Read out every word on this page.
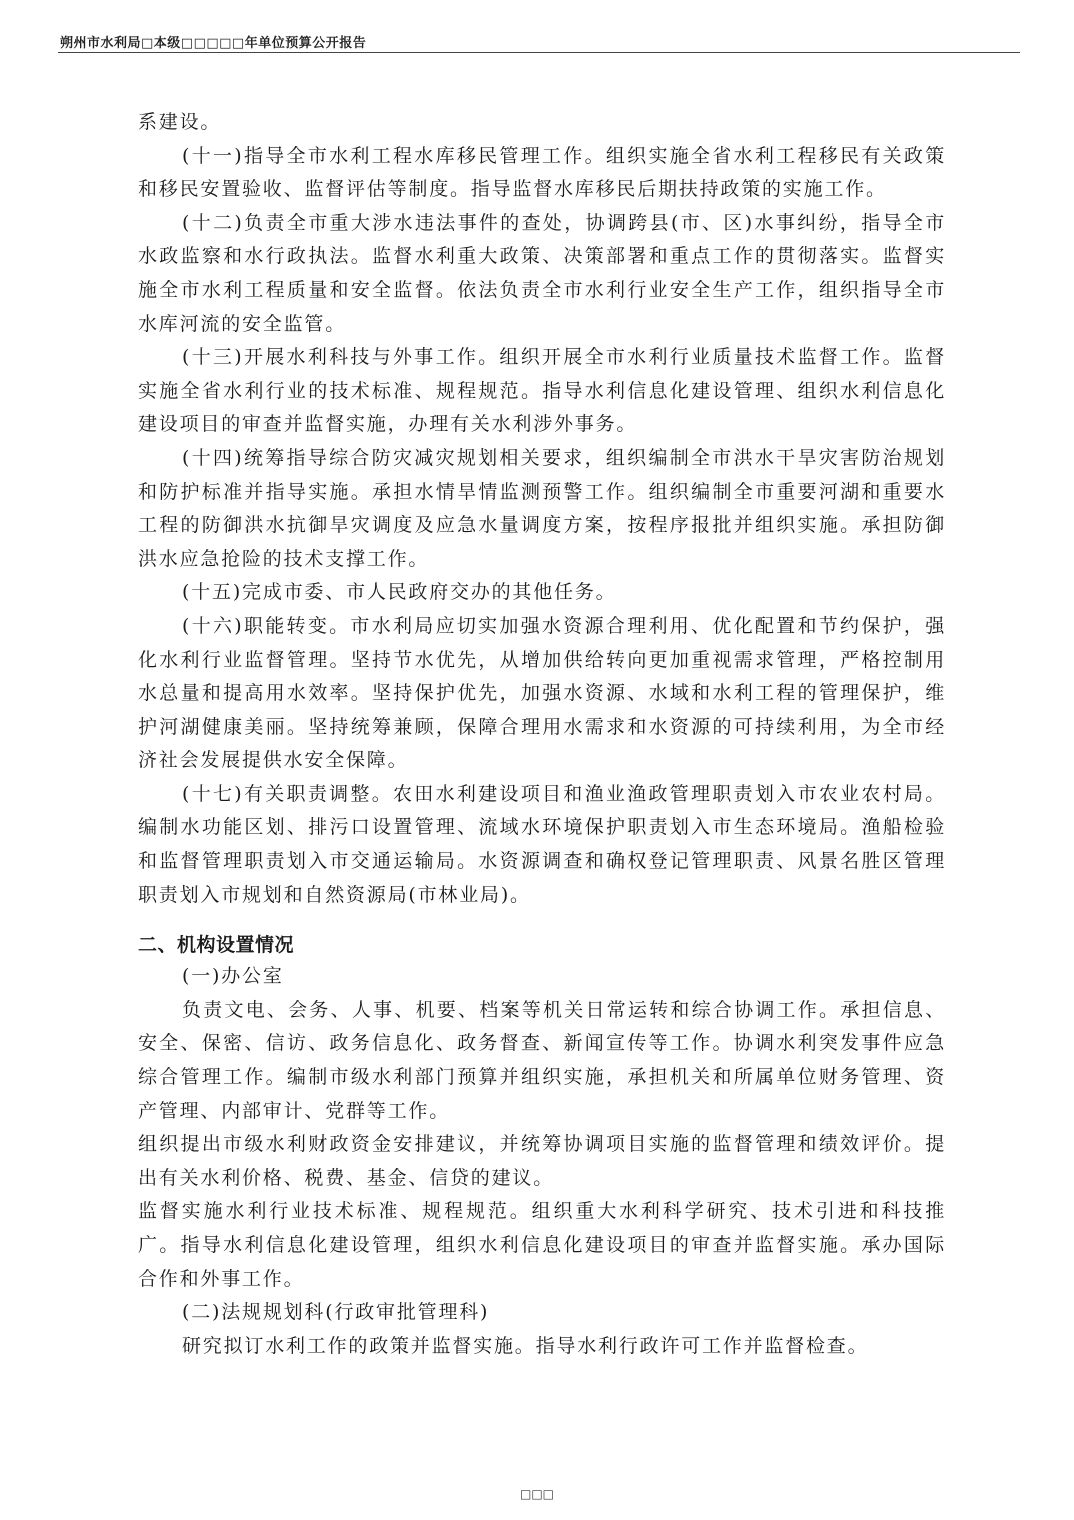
朔州市水利局□本级□□□□□年单位预算公开报告

系建设。

(十一)指导全市水利工程水库移民管理工作。组织实施全省水利工程移民有关政策和移民安置验收、监督评估等制度。指导监督水库移民后期扶持政策的实施工作。

(十二)负责全市重大涉水违法事件的查处，协调跨县(市、区)水事纠纷，指导全市水政监察和水行政执法。监督水利重大政策、决策部署和重点工作的贯彻落实。监督实施全市水利工程质量和安全监督。依法负责全市水利行业安全生产工作，组织指导全市水库河流的安全监管。

(十三)开展水利科技与外事工作。组织开展全市水利行业质量技术监督工作。监督实施全省水利行业的技术标准、规程规范。指导水利信息化建设管理、组织水利信息化建设项目的审查并监督实施，办理有关水利涉外事务。

(十四)统筹指导综合防灾减灾规划相关要求，组织编制全市洪水干旱灾害防治规划和防护标准并指导实施。承担水情旱情监测预警工作。组织编制全市重要河湖和重要水工程的防御洪水抗御旱灾调度及应急水量调度方案，按程序报批并组织实施。承担防御洪水应急抢险的技术支撑工作。

(十五)完成市委、市人民政府交办的其他任务。

(十六)职能转变。市水利局应切实加强水资源合理利用、优化配置和节约保护，强化水利行业监督管理。坚持节水优先，从增加供给转向更加重视需求管理，严格控制用水总量和提高用水效率。坚持保护优先，加强水资源、水域和水利工程的管理保护，维护河湖健康美丽。坚持统筹兼顾，保障合理用水需求和水资源的可持续利用，为全市经济社会发展提供水安全保障。

(十七)有关职责调整。农田水利建设项目和渔业渔政管理职责划入市农业农村局。编制水功能区划、排污口设置管理、流域水环境保护职责划入市生态环境局。渔船检验和监督管理职责划入市交通运输局。水资源调查和确权登记管理职责、风景名胜区管理职责划入市规划和自然资源局(市林业局)。

二、机构设置情况

(一)办公室

负责文电、会务、人事、机要、档案等机关日常运转和综合协调工作。承担信息、安全、保密、信访、政务信息化、政务督查、新闻宣传等工作。协调水利突发事件应急综合管理工作。编制市级水利部门预算并组织实施，承担机关和所属单位财务管理、资产管理、内部审计、党群等工作。

组织提出市级水利财政资金安排建议，并统筹协调项目实施的监督管理和绩效评价。提出有关水利价格、税费、基金、信贷的建议。

监督实施水利行业技术标准、规程规范。组织重大水利科学研究、技术引进和科技推广。指导水利信息化建设管理，组织水利信息化建设项目的审查并监督实施。承办国际合作和外事工作。

(二)法规规划科(行政审批管理科)

研究拟订水利工作的政策并监督实施。指导水利行政许可工作并监督检查。

□□□
